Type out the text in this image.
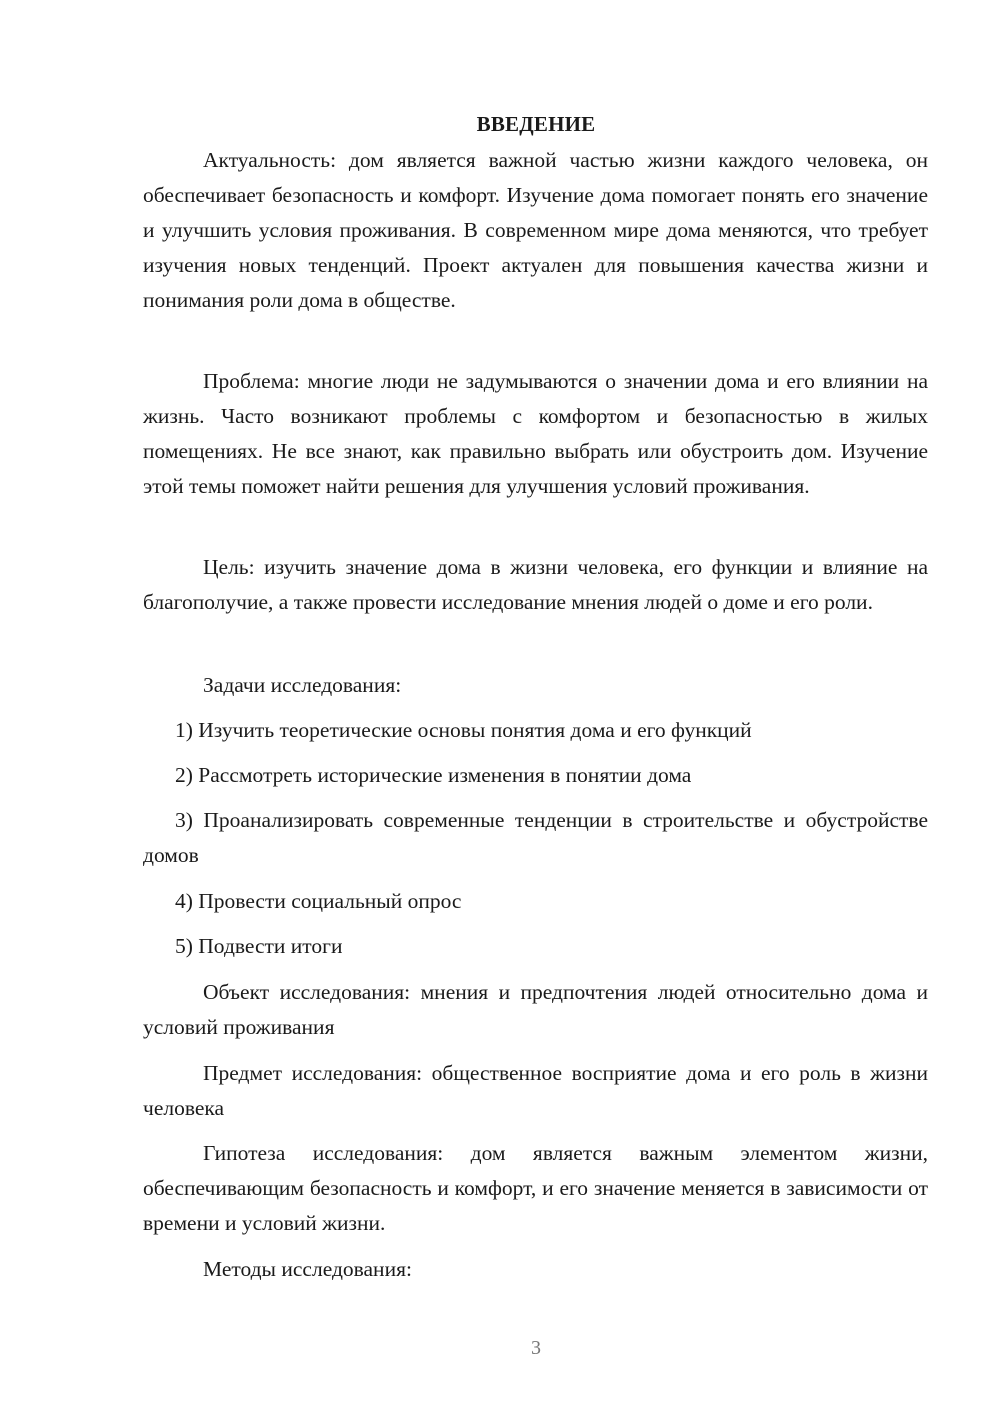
ВВЕДЕНИЕ

Актуальность: дом является важной частью жизни каждого человека, он обеспечивает безопасность и комфорт. Изучение дома помогает понять его значение и улучшить условия проживания. В современном мире дома меняются, что требует изучения новых тенденций. Проект актуален для повышения качества жизни и понимания роли дома в обществе.

Проблема: многие люди не задумываются о значении дома и его влиянии на жизнь. Часто возникают проблемы с комфортом и безопасностью в жилых помещениях. Не все знают, как правильно выбрать или обустроить дом. Изучение этой темы поможет найти решения для улучшения условий проживания.

Цель: изучить значение дома в жизни человека, его функции и влияние на благополучие, а также провести исследование мнения людей о доме и его роли.

Задачи исследования:

1) Изучить теоретические основы понятия дома и его функций

2) Рассмотреть исторические изменения в понятии дома

3) Проанализировать современные тенденции в строительстве и обустройстве домов

4) Провести социальный опрос

5) Подвести итоги

Объект исследования: мнения и предпочтения людей относительно дома и условий проживания

Предмет исследования: общественное восприятие дома и его роль в жизни человека

Гипотеза исследования: дом является важным элементом жизни, обеспечивающим безопасность и комфорт, и его значение меняется в зависимости от времени и условий жизни.

Методы исследования:

3
